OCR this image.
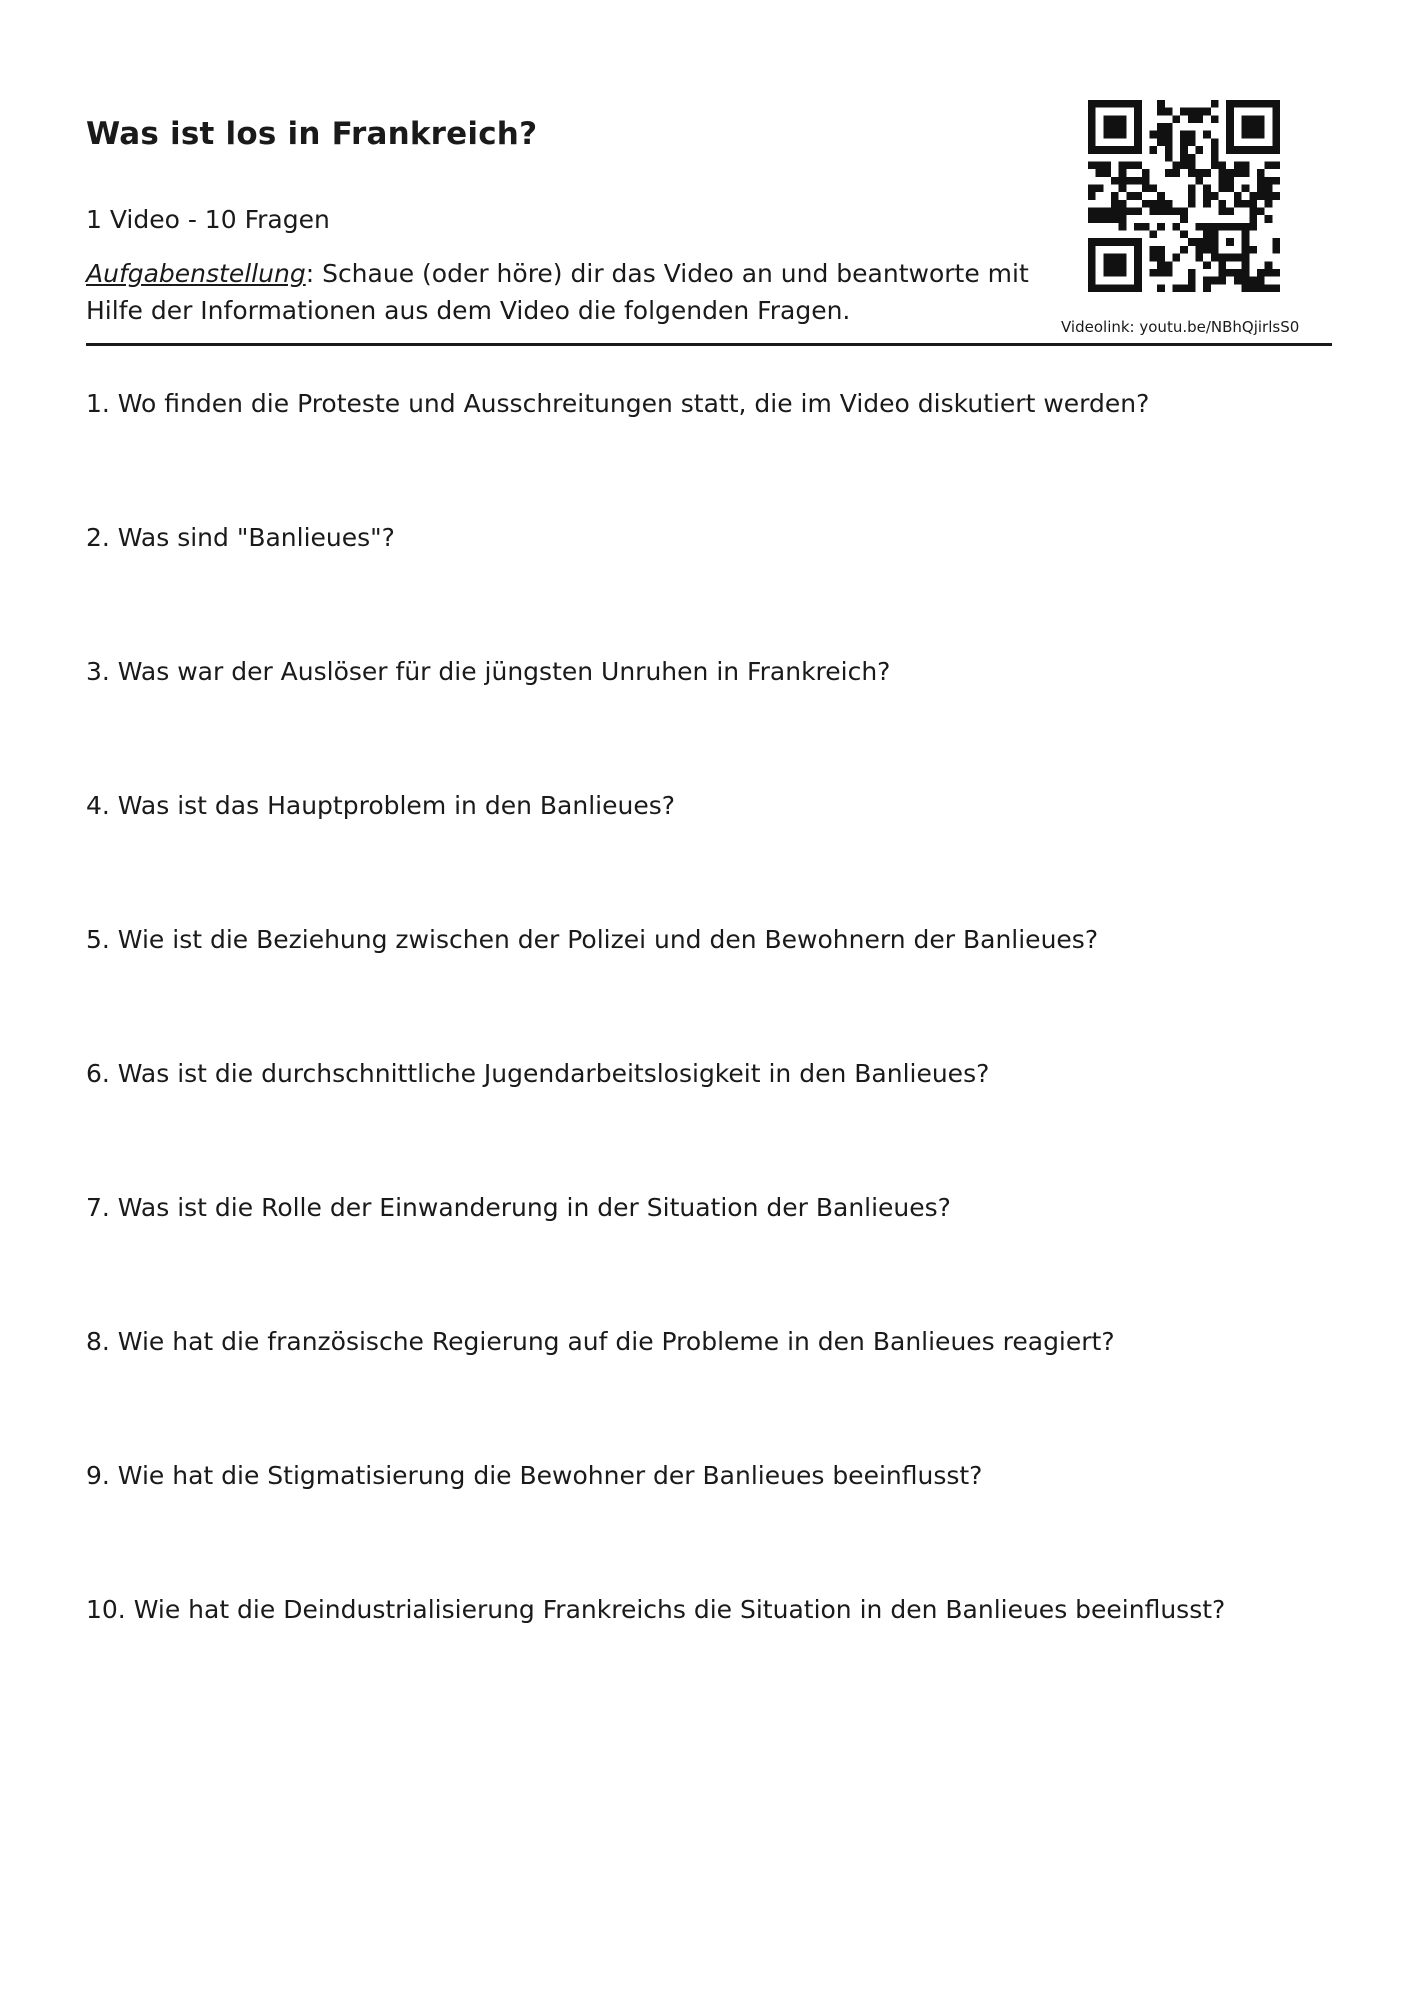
Was ist los in Frankreich?
1 Video - 10 Fragen
Aufgabenstellung: Schaue (oder höre) dir das Video an und beantworte mit Hilfe der Informationen aus dem Video die folgenden Fragen.
Videolink: youtu.be/NBhQjirlsS0
1. Wo finden die Proteste und Ausschreitungen statt, die im Video diskutiert werden?
2. Was sind "Banlieues"?
3. Was war der Auslöser für die jüngsten Unruhen in Frankreich?
4. Was ist das Hauptproblem in den Banlieues?
5. Wie ist die Beziehung zwischen der Polizei und den Bewohnern der Banlieues?
6. Was ist die durchschnittliche Jugendarbeitslosigkeit in den Banlieues?
7. Was ist die Rolle der Einwanderung in der Situation der Banlieues?
8. Wie hat die französische Regierung auf die Probleme in den Banlieues reagiert?
9. Wie hat die Stigmatisierung die Bewohner der Banlieues beeinflusst?
10. Wie hat die Deindustrialisierung Frankreichs die Situation in den Banlieues beeinflusst?
